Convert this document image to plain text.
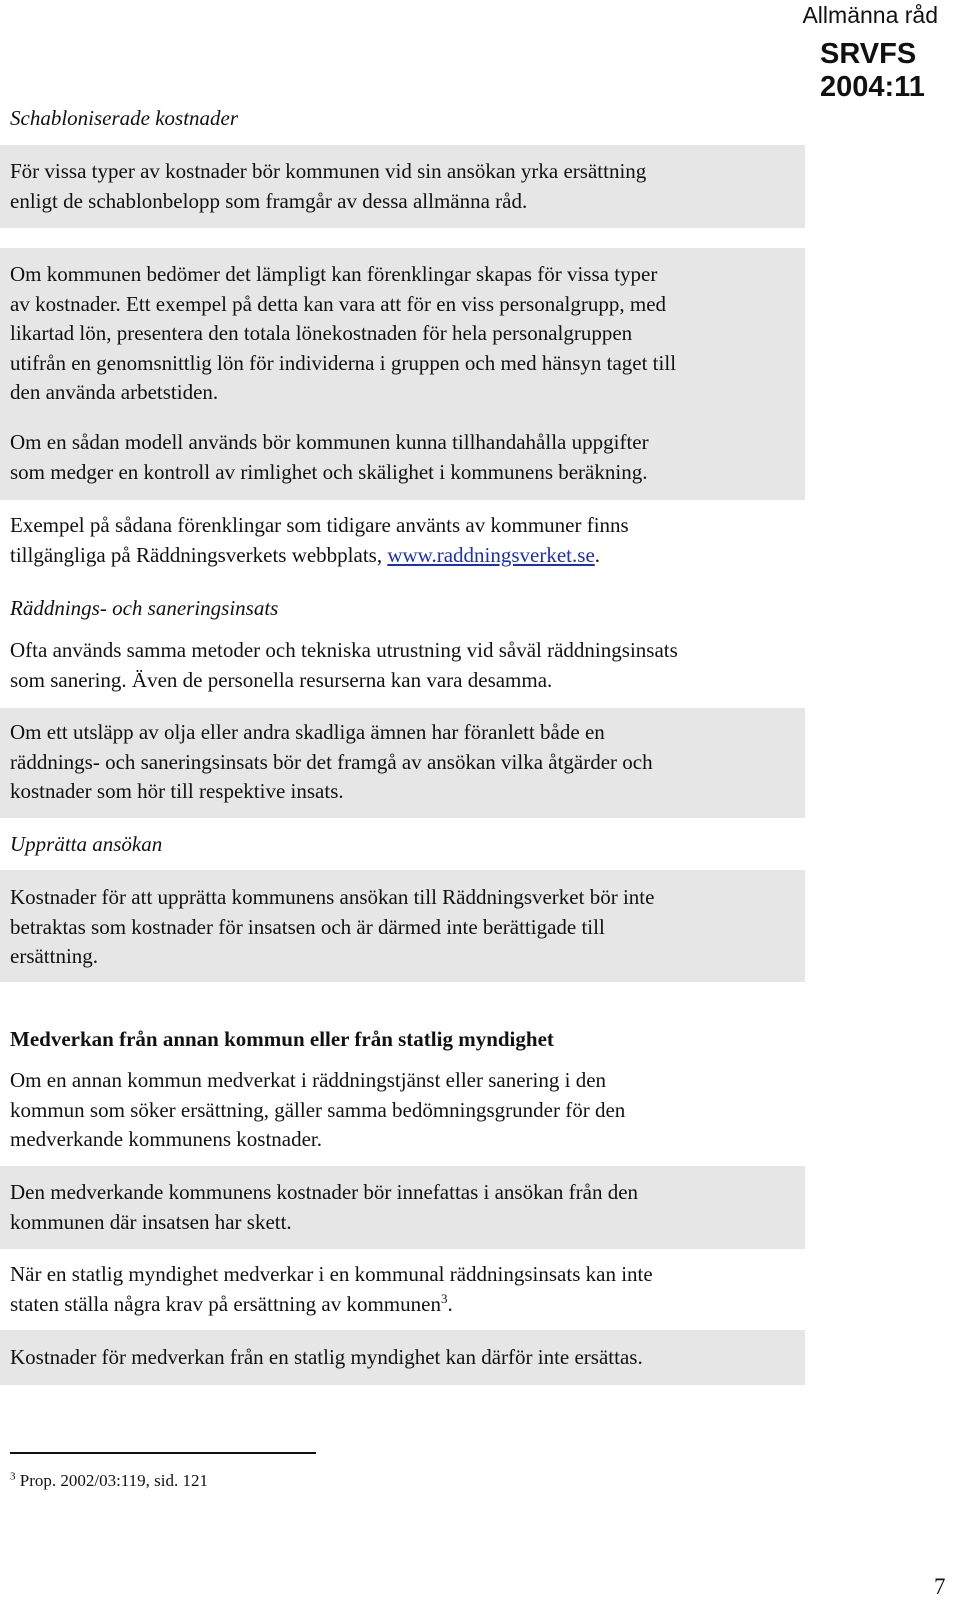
Allmänna råd
SRVFS
2004:11
Schabloniserade kostnader
För vissa typer av kostnader bör kommunen vid sin ansökan yrka ersättning
enligt de schablonbelopp som framgår av dessa allmänna råd.
Om kommunen bedömer det lämpligt kan förenklingar skapas för vissa typer
av kostnader. Ett exempel på detta kan vara att för en viss personalgrupp, med
likartad lön, presentera den totala lönekostnaden för hela personalgruppen
utifrån en genomsnittlig lön för individerna i gruppen och med hänsyn taget till
den använda arbetstiden.
Om en sådan modell används bör kommunen kunna tillhandahålla uppgifter
som medger en kontroll av rimlighet och skälighet i kommunens beräkning.
Exempel på sådana förenklingar som tidigare använts av kommuner finns
tillgängliga på Räddningsverkets webbplats, www.raddningsverket.se.
Räddnings- och saneringsinsats
Ofta används samma metoder och tekniska utrustning vid såväl räddningsinsats
som sanering. Även de personella resurserna kan vara desamma.
Om ett utsläpp av olja eller andra skadliga ämnen har föranlett både en
räddnings- och saneringsinsats bör det framgå av ansökan vilka åtgärder och
kostnader som hör till respektive insats.
Upprätta ansökan
Kostnader för att upprätta kommunens ansökan till Räddningsverket bör inte
betraktas som kostnader för insatsen och är därmed inte berättigade till
ersättning.
Medverkan från annan kommun eller från statlig myndighet
Om en annan kommun medverkat i räddningstjänst eller sanering i den
kommun som söker ersättning, gäller samma bedömningsgrunder för den
medverkande kommunens kostnader.
Den medverkande kommunens kostnader bör innefattas i ansökan från den
kommunen där insatsen har skett.
När en statlig myndighet medverkar i en kommunal räddningsinsats kan inte
staten ställa några krav på ersättning av kommunen$^3$.
Kostnader för medverkan från en statlig myndighet kan därför inte ersättas.
$^3$ Prop. 2002/03:119, sid. 121
7
